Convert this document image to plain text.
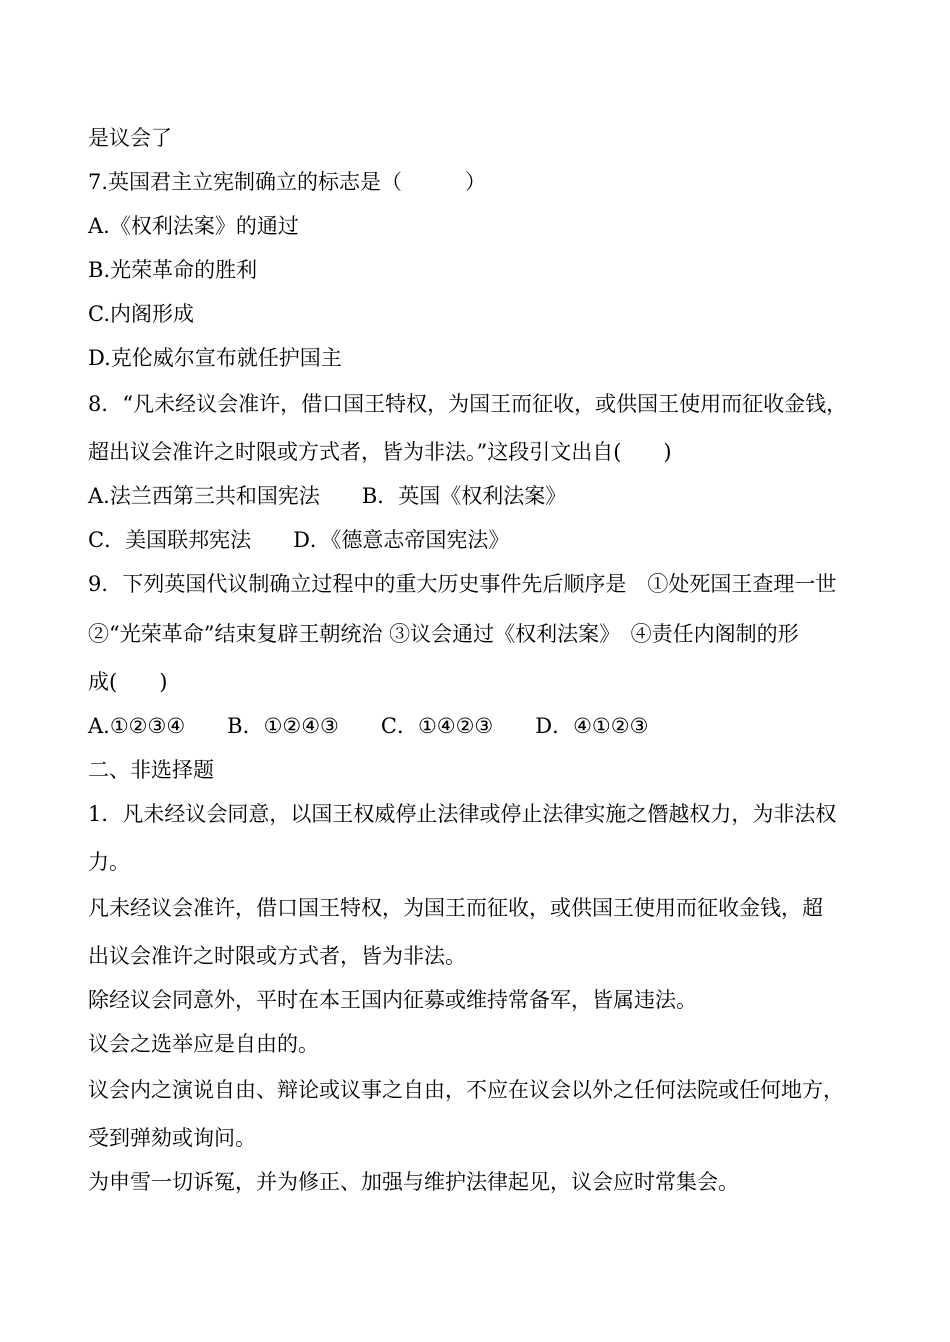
是议会了
7.英国君主立宪制确立的标志是（　　　）
A.《权利法案》的通过
B.光荣革命的胜利
C.内阁形成
D.克伦威尔宣布就任护国主
8．“凡未经议会准许，借口国王特权，为国王而征收，或供国王使用而征收金钱，
超出议会准许之时限或方式者，皆为非法。”这段引文出自(　　)
A.法兰西第三共和国宪法　　B．英国《权利法案》
C．美国联邦宪法　　D．《德意志帝国宪法》
9．下列英国代议制确立过程中的重大历史事件先后顺序是　①处死国王查理一世
②“光荣革命”结束复辟王朝统治 ③议会通过《权利法案》　④责任内阁制的形
成(　　)
A.①②③④　　B．①②④③　　C．①④②③　　D．④①②③
二、非选择题
1．凡未经议会同意，以国王权威停止法律或停止法律实施之僭越权力，为非法权
力。
凡未经议会准许，借口国王特权，为国王而征收，或供国王使用而征收金钱，超
出议会准许之时限或方式者，皆为非法。
除经议会同意外，平时在本王国内征募或维持常备军，皆属违法。
议会之选举应是自由的。
议会内之演说自由、辩论或议事之自由，不应在议会以外之任何法院或任何地方，
受到弹劾或询问。
为申雪一切诉冤，并为修正、加强与维护法律起见，议会应时常集会。
